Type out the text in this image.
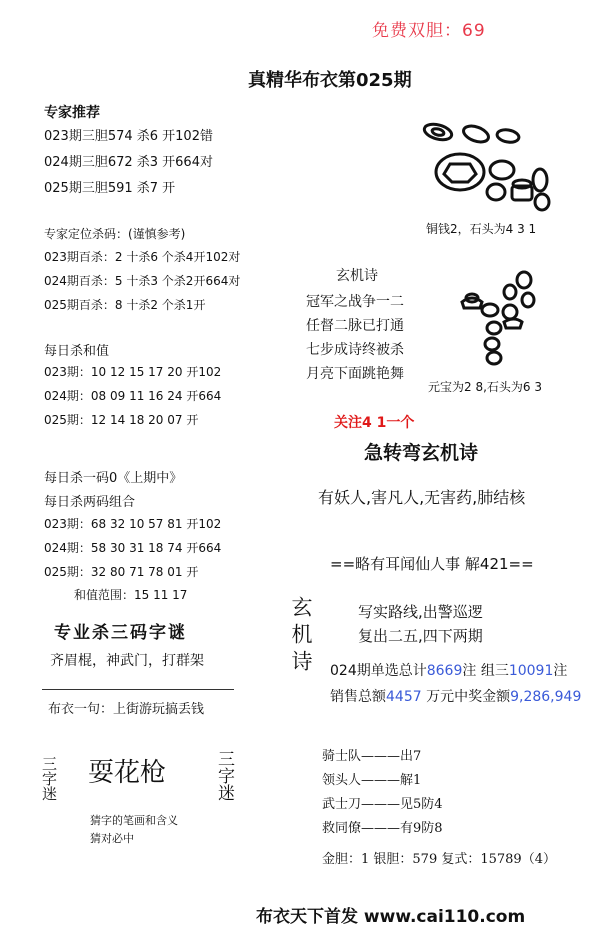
免费双胆：69
真精华布衣第025期
专家推荐
023期三胆574 杀6 开102错
024期三胆672 杀3 开664对
025期三胆591 杀7 开
专家定位杀码：(谨慎参考)
023期百杀：2 十杀6 个杀4开102对
024期百杀：5 十杀3 个杀2开664对
025期百杀：8 十杀2 个杀1开
每日杀和值
023期：10 12 15 17 20 开102
024期：08 09 11 16 24 开664
025期：12 14 18 20 07 开
每日杀一码0《上期中》
每日杀两码组合
023期：68 32 10 57 81 开102
024期：58 30 31 18 74 开664
025期：32 80 71 78 01 开
和值范围：15 11 17
专业杀三码字谜
齐眉棍，神武门，打群架
布衣一句：上街游玩搞丢钱
三字迷 耍花枪	三字迷
猜字的笔画和含义
猜对必中
铜钱2，石头为4 3 1
玄机诗
冠军之战争一二
任督二脉已打通
七步成诗终被杀
月亮下面跳艳舞
元宝为2 8,石头为6 3
关注4 1一个
急转弯玄机诗
有妖人,害凡人,无害药,肺结核
==略有耳闻仙人事 解421==
玄机诗	写实路线,出警巡逻
复出二五,四下两期
024期单选总计8669注 组三10091注
销售总额4457 万元中奖金额9,286,949
骑士队———出7
领头人———解1
武士刀———见5防4
救同僚———有9防8
金胆：1 银胆：579 复式：15789（4）
布衣天下首发 www.cai110.com
